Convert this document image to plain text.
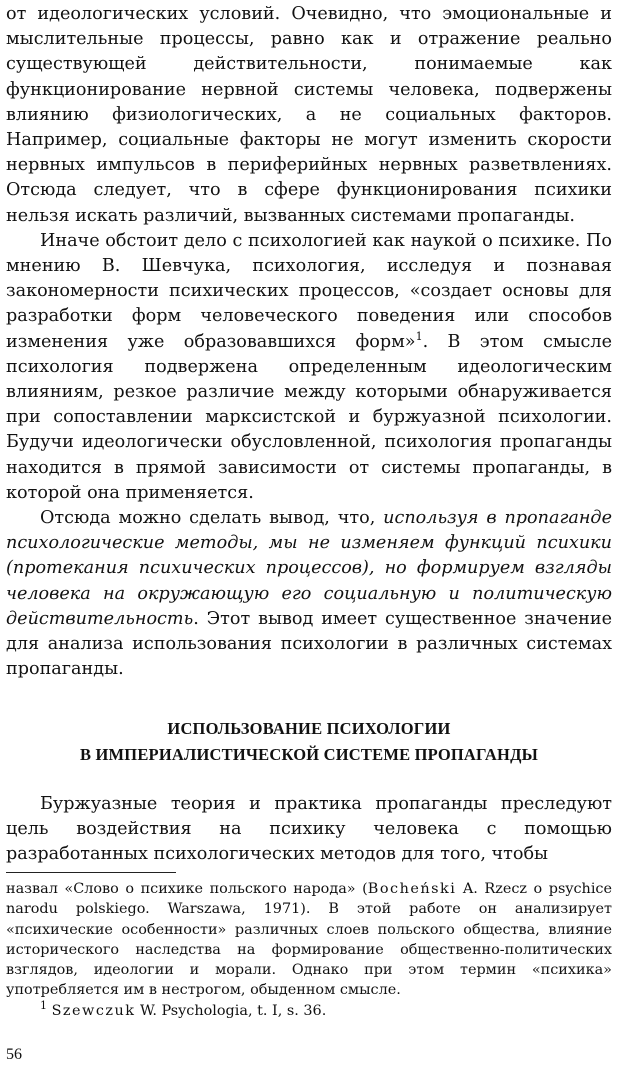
от идеологических условий. Очевидно, что эмоциональные и мыслительные процессы, равно как и отражение реально существующей действительности, понимаемые как функционирование нервной системы человека, подвержены влиянию физиологических, а не социальных факторов. Например, социальные факторы не могут изменить скорости нервных импульсов в периферийных нервных разветвлениях. Отсюда следует, что в сфере функционирования психики нельзя искать различий, вызванных системами пропаганды.

Иначе обстоит дело с психологией как наукой о психике. По мнению В. Шевчука, психология, исследуя и познавая закономерности психических процессов, «создает основы для разработки форм человеческого поведения или способов изменения уже образовавшихся форм»$^1$. В этом смысле психология подвержена определенным идеологическим влияниям, резкое различие между которыми обнаруживается при сопоставлении марксистской и буржуазной психологии. Будучи идеологически обусловленной, психология пропаганды находится в прямой зависимости от системы пропаганды, в которой она применяется.

Отсюда можно сделать вывод, что, используя в пропаганде психологические методы, мы не изменяем функций психики (протекания психических процессов), но формируем взгляды человека на окружающую его социальную и политическую действительность. Этот вывод имеет существенное значение для анализа использования психологии в различных системах пропаганды.

ИСПОЛЬЗОВАНИЕ ПСИХОЛОГИИ
В ИМПЕРИАЛИСТИЧЕСКОЙ СИСТЕМЕ ПРОПАГАНДЫ

Буржуазные теория и практика пропаганды преследуют цель воздействия на психику человека с помощью разработанных психологических методов для того, чтобы

назвал «Слово о психике польского народа» (Bocheński A. Rzecz o psychice narodu polskiego. Warszawa, 1971). В этой работе он анализирует «психические особенности» различных слоев польского общества, влияние исторического наследства на формирование общественно-политических взглядов, идеологии и морали. Однако при этом термин «психика» употребляется им в нестрогом, обыденном смысле.

$^1$ Szewczuk W. Psychologia, t. I, s. 36.

56
